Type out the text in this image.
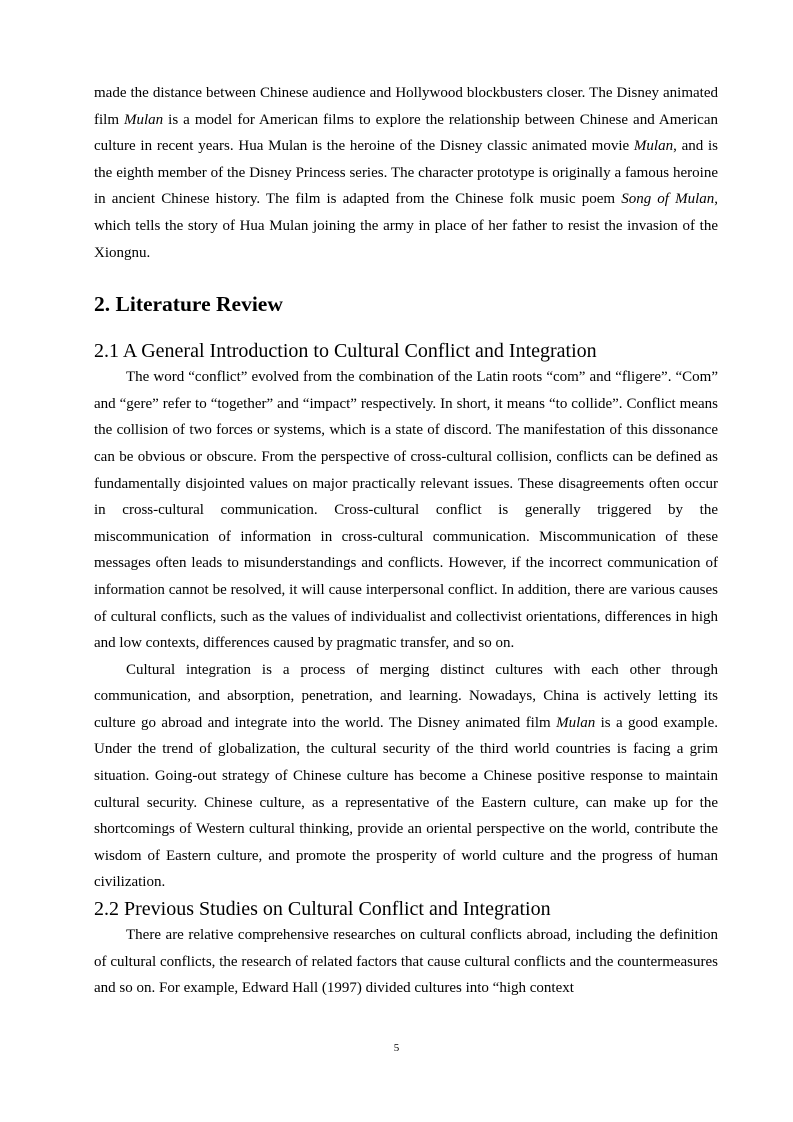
made the distance between Chinese audience and Hollywood blockbusters closer. The Disney animated film Mulan is a model for American films to explore the relationship between Chinese and American culture in recent years. Hua Mulan is the heroine of the Disney classic animated movie Mulan, and is the eighth member of the Disney Princess series. The character prototype is originally a famous heroine in ancient Chinese history. The film is adapted from the Chinese folk music poem Song of Mulan, which tells the story of Hua Mulan joining the army in place of her father to resist the invasion of the Xiongnu.

2. Literature Review
2.1 A General Introduction to Cultural Conflict and Integration

The word “conflict” evolved from the combination of the Latin roots “com” and “fligere”. “Com” and “gere” refer to “together” and “impact” respectively. In short, it means “to collide”. Conflict means the collision of two forces or systems, which is a state of discord. The manifestation of this dissonance can be obvious or obscure. From the perspective of cross-cultural collision, conflicts can be defined as fundamentally disjointed values on major practically relevant issues. These disagreements often occur in cross-cultural communication. Cross-cultural conflict is generally triggered by the miscommunication of information in cross-cultural communication. Miscommunication of these messages often leads to misunderstandings and conflicts. However, if the incorrect communication of information cannot be resolved, it will cause interpersonal conflict. In addition, there are various causes of cultural conflicts, such as the values of individualist and collectivist orientations, differences in high and low contexts, differences caused by pragmatic transfer, and so on.

Cultural integration is a process of merging distinct cultures with each other through communication, and absorption, penetration, and learning. Nowadays, China is actively letting its culture go abroad and integrate into the world. The Disney animated film Mulan is a good example. Under the trend of globalization, the cultural security of the third world countries is facing a grim situation. Going-out strategy of Chinese culture has become a Chinese positive response to maintain cultural security. Chinese culture, as a representative of the Eastern culture, can make up for the shortcomings of Western cultural thinking, provide an oriental perspective on the world, contribute the wisdom of Eastern culture, and promote the prosperity of world culture and the progress of human civilization.

2.2 Previous Studies on Cultural Conflict and Integration

There are relative comprehensive researches on cultural conflicts abroad, including the definition of cultural conflicts, the research of related factors that cause cultural conflicts and the countermeasures and so on. For example, Edward Hall (1997) divided cultures into “high context

5
